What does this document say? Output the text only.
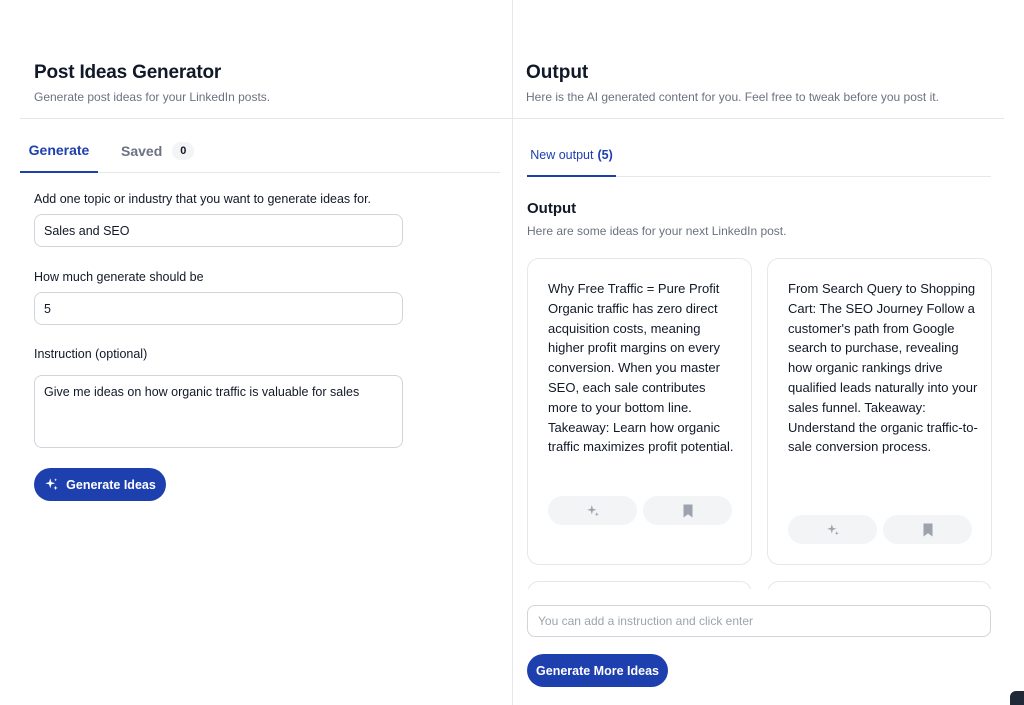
Post Ideas Generator

Generate post ideas for your LinkedIn posts.

Generate Saved	0
Add one topic or industry that you want to generate ideas for.
Sales and SEO
How much generate should be
5
Instruction (optional)
Give me ideas on how organic traffic is valuable for sales
Generate Ideas
Output

Here is the AI generated content for you. Feel free to tweak before you post it.

New output (5)
Output

Here are some ideas for your next LinkedIn post.

Why Free Traffic = Pure Profit Organic traffic has zero direct acquisition costs, meaning higher profit margins on every conversion. When you master SEO, each sale contributes more to your bottom line. Takeaway: Learn how organic traffic maximizes profit potential.

From Search Query to Shopping Cart: The SEO Journey Follow a customer's path from Google search to purchase, revealing how organic rankings drive qualified leads naturally into your sales funnel. Takeaway: Understand the organic traffic-to-sale conversion process.

You can add a instruction and click enter
Generate More Ideas
